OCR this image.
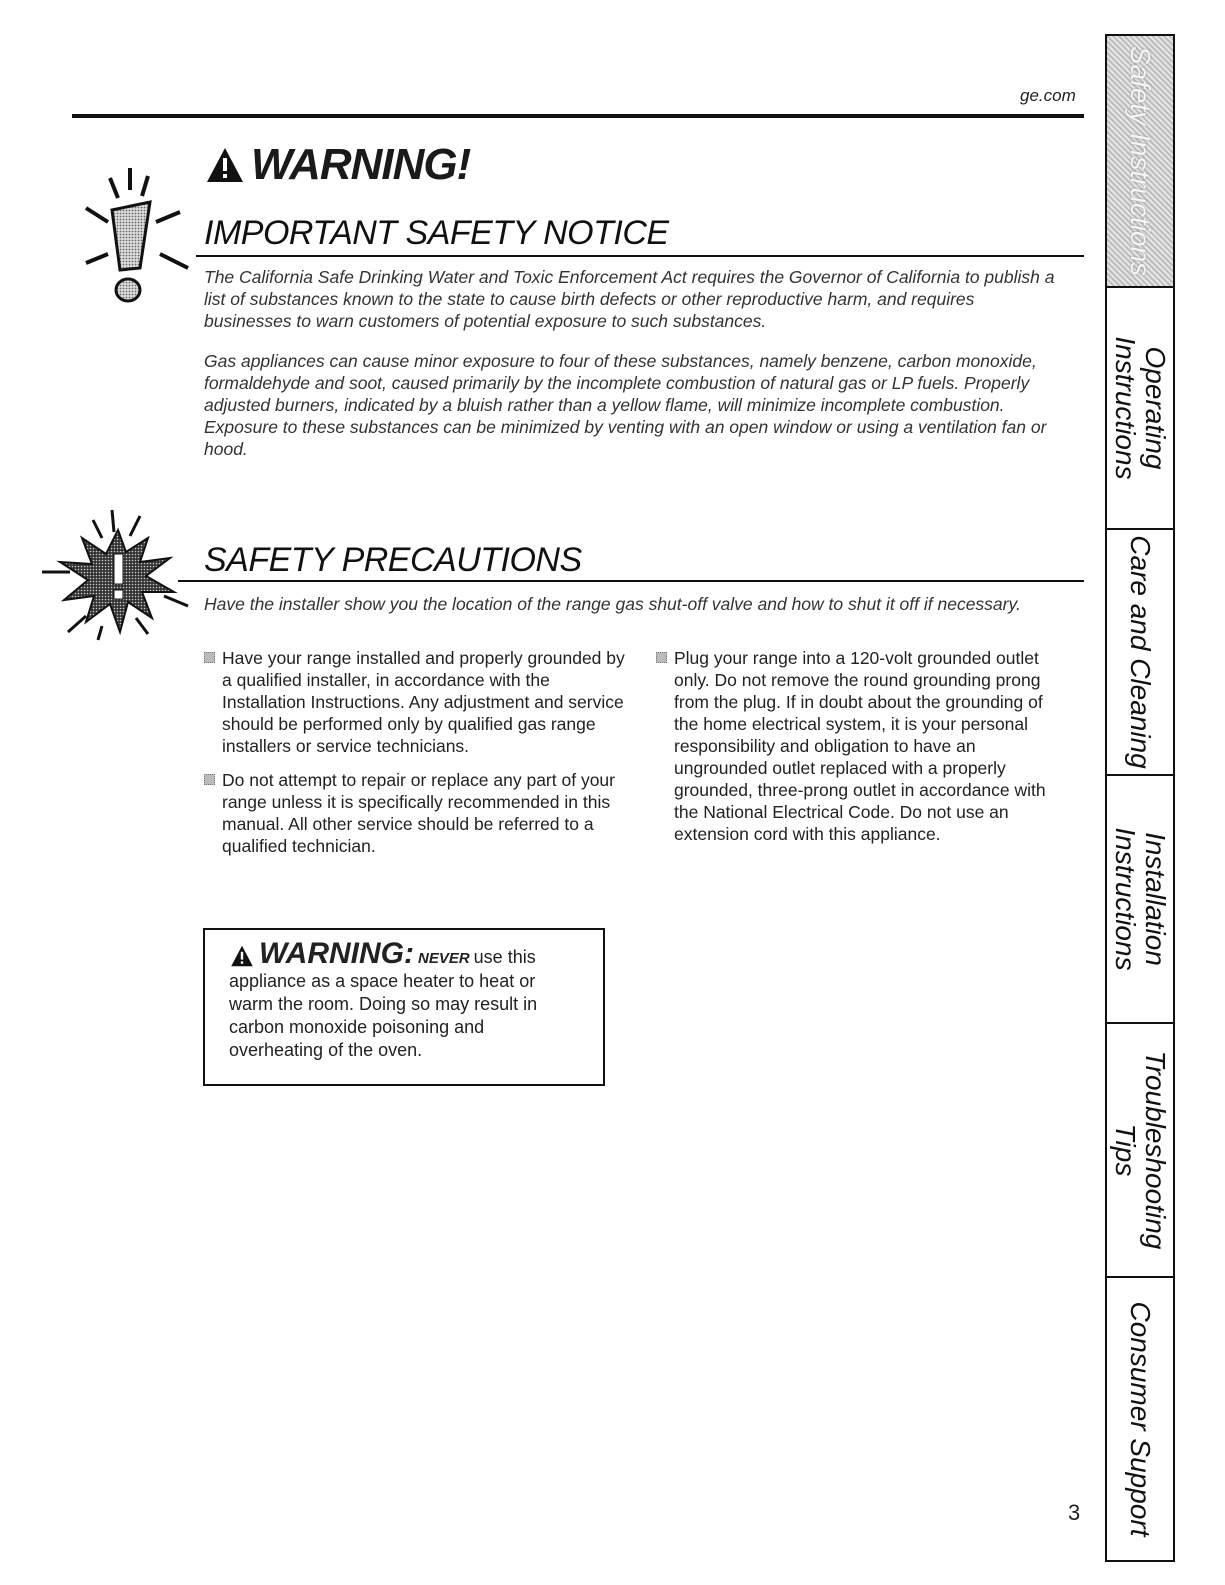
ge.com
WARNING!
IMPORTANT SAFETY NOTICE
The California Safe Drinking Water and Toxic Enforcement Act requires the Governor of California to publish a list of substances known to the state to cause birth defects or other reproductive harm, and requires businesses to warn customers of potential exposure to such substances.
Gas appliances can cause minor exposure to four of these substances, namely benzene, carbon monoxide, formaldehyde and soot, caused primarily by the incomplete combustion of natural gas or LP fuels. Properly adjusted burners, indicated by a bluish rather than a yellow flame, will minimize incomplete combustion. Exposure to these substances can be minimized by venting with an open window or using a ventilation fan or hood.
SAFETY PRECAUTIONS
Have the installer show you the location of the range gas shut-off valve and how to shut it off if necessary.
Have your range installed and properly grounded by a qualified installer, in accordance with the Installation Instructions. Any adjustment and service should be performed only by qualified gas range installers or service technicians.
Do not attempt to repair or replace any part of your range unless it is specifically recommended in this manual. All other service should be referred to a qualified technician.
Plug your range into a 120-volt grounded outlet only. Do not remove the round grounding prong from the plug. If in doubt about the grounding of the home electrical system, it is your personal responsibility and obligation to have an ungrounded outlet replaced with a properly grounded, three-prong outlet in accordance with the National Electrical Code. Do not use an extension cord with this appliance.
WARNING: NEVER use this
appliance as a space heater to heat or warm the room. Doing so may result in carbon monoxide poisoning and overheating of the oven.
Safety Instructions
Operating Instructions
Care and Cleaning
Installation Instructions
Troubleshooting Tips
Consumer Support
3
